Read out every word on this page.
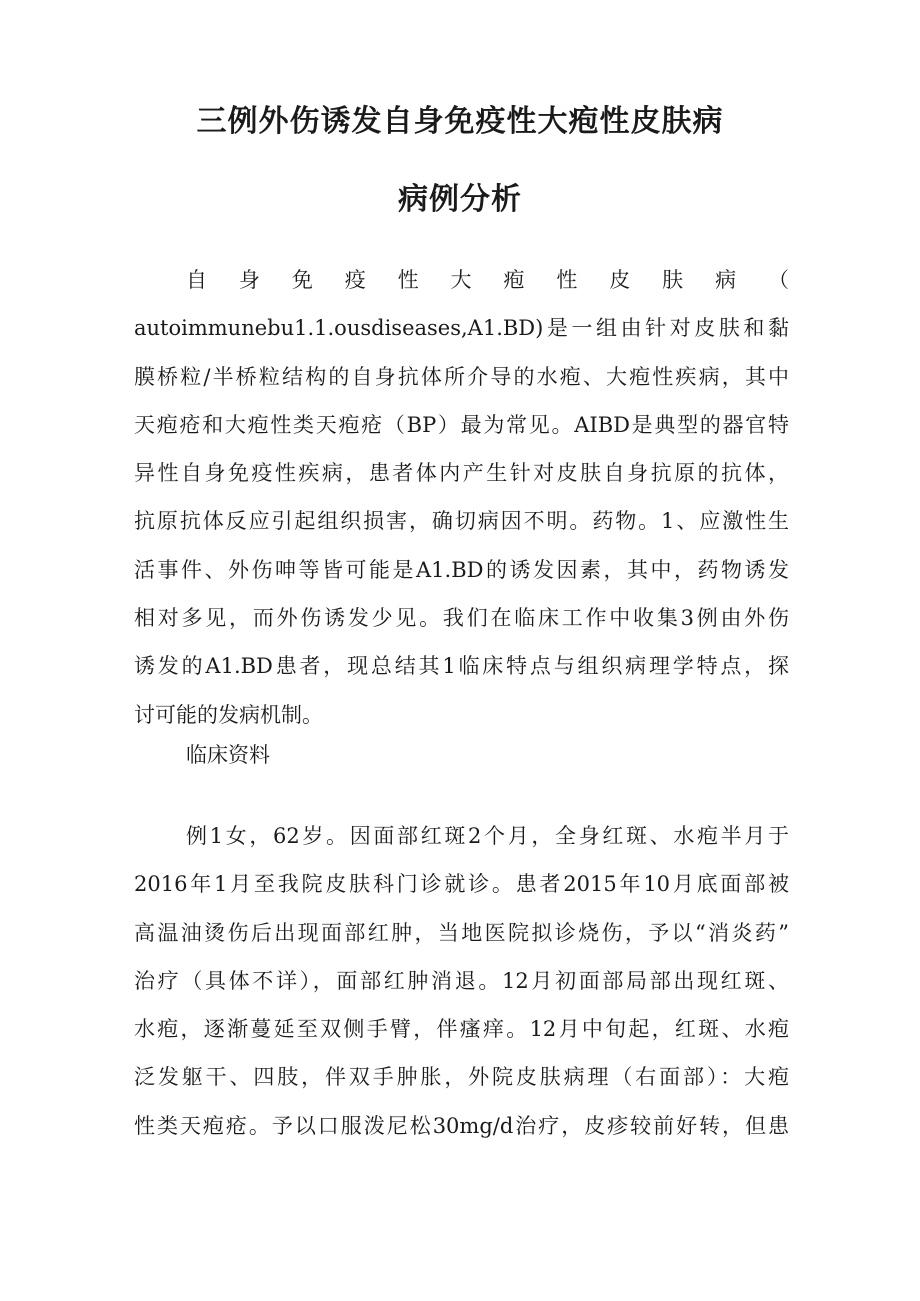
三例外伤诱发自身免疫性大疱性皮肤病
病例分析
自身免疫性大疱性皮肤病（
autoimmunebu1.1.ousdiseases,A1.BD)是一组由针对皮肤和黏
膜桥粒/半桥粒结构的自身抗体所介导的水疱、大疱性疾病，其中
天疱疮和大疱性类天疱疮（BP）最为常见。AIBD是典型的器官特
异性自身免疫性疾病，患者体内产生针对皮肤自身抗原的抗体，
抗原抗体反应引起组织损害，确切病因不明。药物。1、应激性生
活事件、外伤呻等皆可能是A1.BD的诱发因素，其中，药物诱发
相对多见，而外伤诱发少见。我们在临床工作中收集3例由外伤
诱发的A1.BD患者，现总结其1临床特点与组织病理学特点，探
讨可能的发病机制。
临床资料
例1女，62岁。因面部红斑2个月，全身红斑、水疱半月于
2016年1月至我院皮肤科门诊就诊。患者2015年10月底面部被
高温油烫伤后出现面部红肿，当地医院拟诊烧伤，予以“消炎药”
治疗（具体不详），面部红肿消退。12月初面部局部出现红斑、
水疱，逐渐蔓延至双侧手臂，伴瘙痒。12月中旬起，红斑、水疱
泛发躯干、四肢，伴双手肿胀，外院皮肤病理（右面部）：大疱
性类天疱疮。予以口服泼尼松30mg/d治疗，皮疹较前好转，但患
